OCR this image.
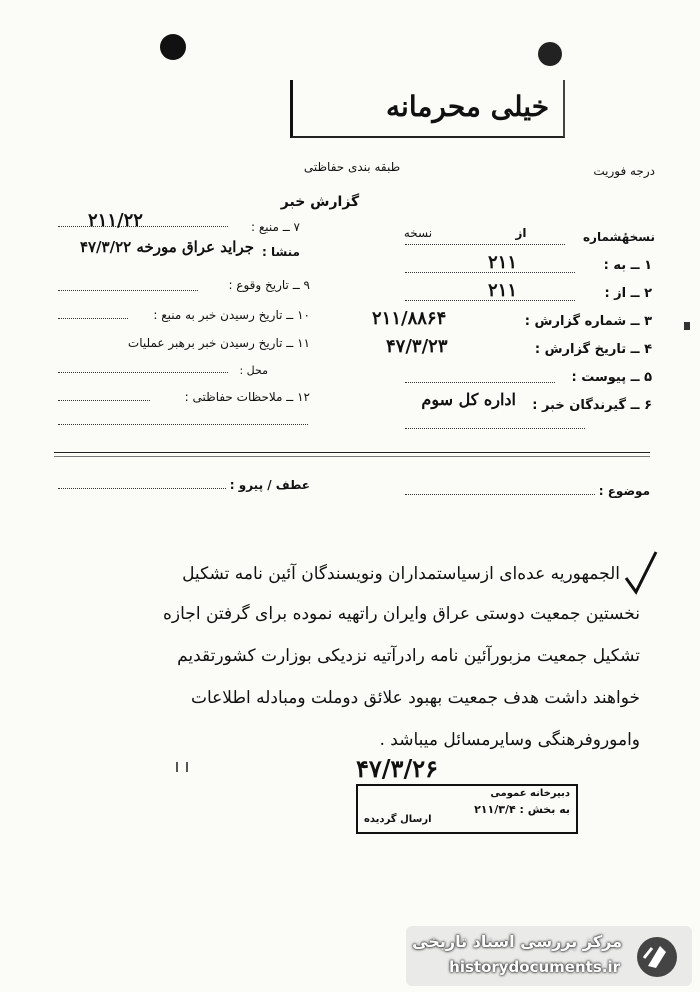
خیلی محرمانه
طبقه بندی حفاظتی	درجه فوریت
گزارش خبر
نسخهٔشماره
از
نسخه
۱ ــ به :
۲۱۱
۲ ــ از :
۲۱۱
۳ ــ شماره گزارش :
۲۱۱/۸۸۶۴
۴ ــ تاریخ گزارش :
۴۷/۳/۲۳
۵ ــ پیوست :
۶ ــ گیرندگان خبر :
اداره کل سوم
۷ ــ منبع :
۲۱۱/۲۲
منشا :
جراید عراق مورخه ۴۷/۳/۲۲
۹ ــ تاریخ وقوع :
۱۰ ــ تاریخ رسیدن خبر به منبع :
۱۱ ــ تاریخ رسیدن خبر برهبر عملیات
محل :
۱۲ ــ ملاحظات حفاظتی :
عطف / پیرو :	موضوع :
الجمهوریه عده‌ای ازسیاستمداران ونویسندگان آئین نامه تشکیل
نخستین جمعیت دوستی عراق وایران راتهیه نموده برای گرفتن اجازه
تشکیل جمعیت مزبورآئین نامه رادرآتیه نزدیکی بوزارت کشورتقدیم
خواهند داشت هدف جمعیت بهبود علائق دوملت ومبادله اطلاعات
واموروفرهنگی وسایرمسائل میباشد .
۴۷/۳/۲۶
دبیرخانه عمومی
به بخش : ۲۱۱/۳/۴
ارسال گردیده
مرکز بررسی اسناد تاریخی
historydocuments.ir
